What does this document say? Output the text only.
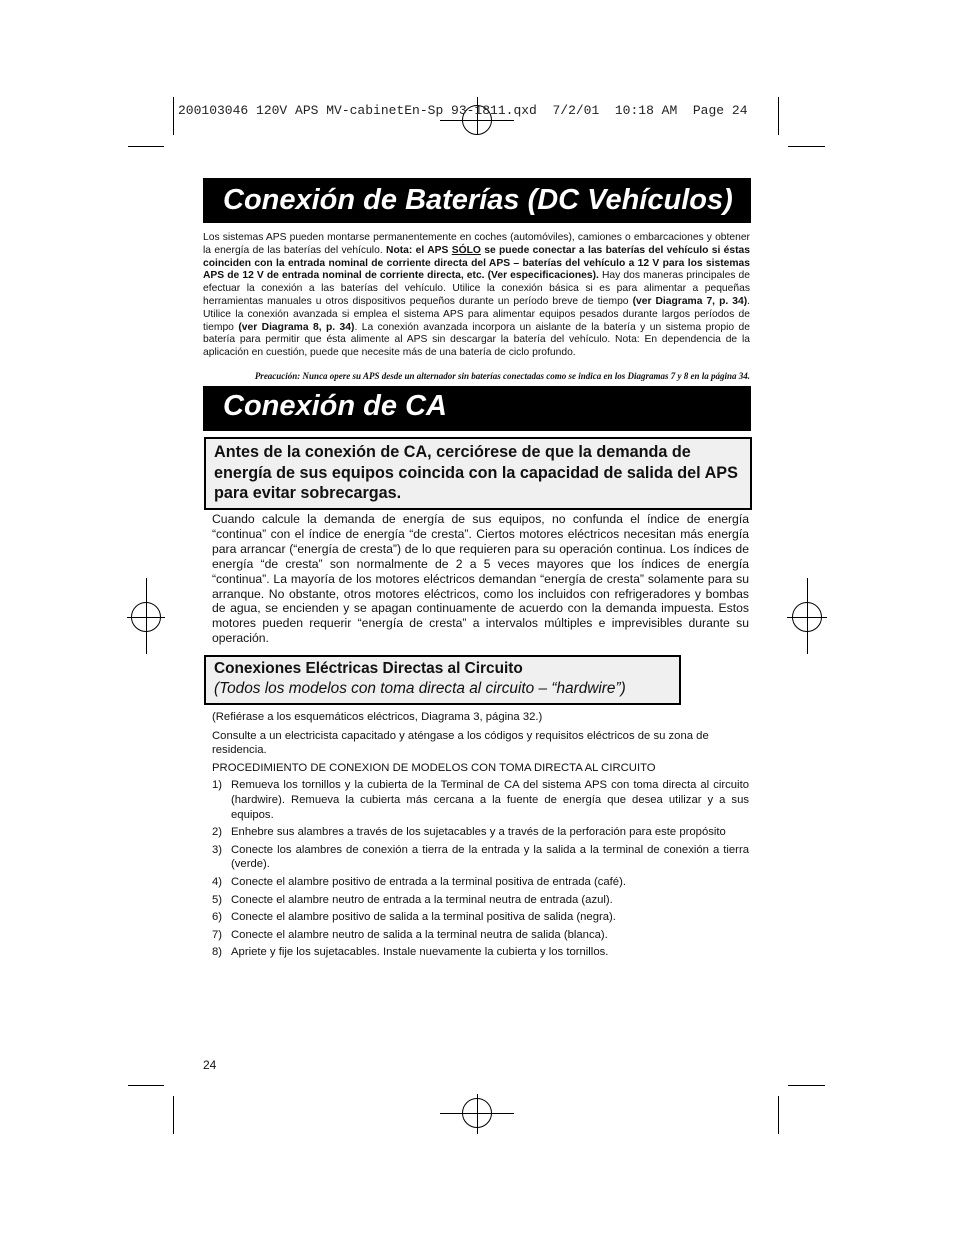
200103046 120V APS MV-cabinetEn-Sp 93-1811.qxd  7/2/01  10:18 AM  Page 24
Conexión de Baterías (DC Vehículos)
Los sistemas APS pueden montarse permanentemente en coches (automóviles), camiones o embarcaciones y obtener la energía de las baterías del vehículo. Nota: el APS SÓLO se puede conectar a las baterías del vehículo si éstas coinciden con la entrada nominal de corriente directa del APS – baterías del vehículo a 12 V para los sistemas APS de 12 V de entrada nominal de corriente directa, etc. (Ver especificaciones). Hay dos maneras principales de efectuar la conexión a las baterías del vehículo. Utilice la conexión básica si es para alimentar a pequeñas herramientas manuales u otros dispositivos pequeños durante un período breve de tiempo (ver Diagrama 7, p. 34). Utilice la conexión avanzada si emplea el sistema APS para alimentar equipos pesados durante largos períodos de tiempo (ver Diagrama 8, p. 34). La conexión avanzada incorpora un aislante de la batería y un sistema propio de batería para permitir que ésta alimente al APS sin descargar la batería del vehículo. Nota: En dependencia de la aplicación en cuestión, puede que necesite más de una batería de ciclo profundo.
Preacución: Nunca opere su APS desde un alternador sin baterías conectadas como se indica en los Diagramas 7 y 8 en la página 34.
Conexión de CA
Antes de la conexión de CA, cerciórese de que la demanda de energía de sus equipos coincida con la capacidad de salida del APS para evitar sobrecargas.
Cuando calcule la demanda de energía de sus equipos, no confunda el índice de energía “continua” con el índice de energía “de cresta”. Ciertos motores eléctricos necesitan más energía para arrancar (“energía de cresta”) de lo que requieren para su operación continua. Los índices de energía “de cresta” son normalmente de 2 a 5 veces mayores que los índices de energía “continua”. La mayoría de los motores eléctricos demandan “energía de cresta” solamente para su arranque. No obstante, otros motores eléctricos, como los incluidos con refrigeradores y bombas de agua, se encienden y se apagan continuamente de acuerdo con la demanda impuesta. Estos motores pueden requerir “energía de cresta” a intervalos múltiples e imprevisibles durante su operación.
Conexiones Eléctricas Directas al Circuito
(Todos los modelos con toma directa al circuito – “hardwire”)

(Refiérase a los esquemáticos eléctricos, Diagrama 3, página 32.)

Consulte a un electricista capacitado y aténgase a los códigos y requisitos eléctricos de su zona de residencia.

PROCEDIMIENTO DE CONEXION DE MODELOS CON TOMA DIRECTA AL CIRCUITO

1) Remueva los tornillos y la cubierta de la Terminal de CA del sistema APS con toma directa al circuito (hardwire). Remueva la cubierta más cercana a la fuente de energía que desea utilizar y a sus equipos.
2) Enhebre sus alambres a través de los sujetacables y a través de la perforación para este propósito
3) Conecte los alambres de conexión a tierra de la entrada y la salida a la terminal de conexión a tierra (verde).
4) Conecte el alambre positivo de entrada a la terminal positiva de entrada (café).
5) Conecte el alambre neutro de entrada a la terminal neutra de entrada (azul).
6) Conecte el alambre positivo de salida a la terminal positiva de salida (negra).
7) Conecte el alambre neutro de salida a la terminal neutra de salida (blanca).
8) Apriete y fije los sujetacables. Instale nuevamente la cubierta y los tornillos.
24
